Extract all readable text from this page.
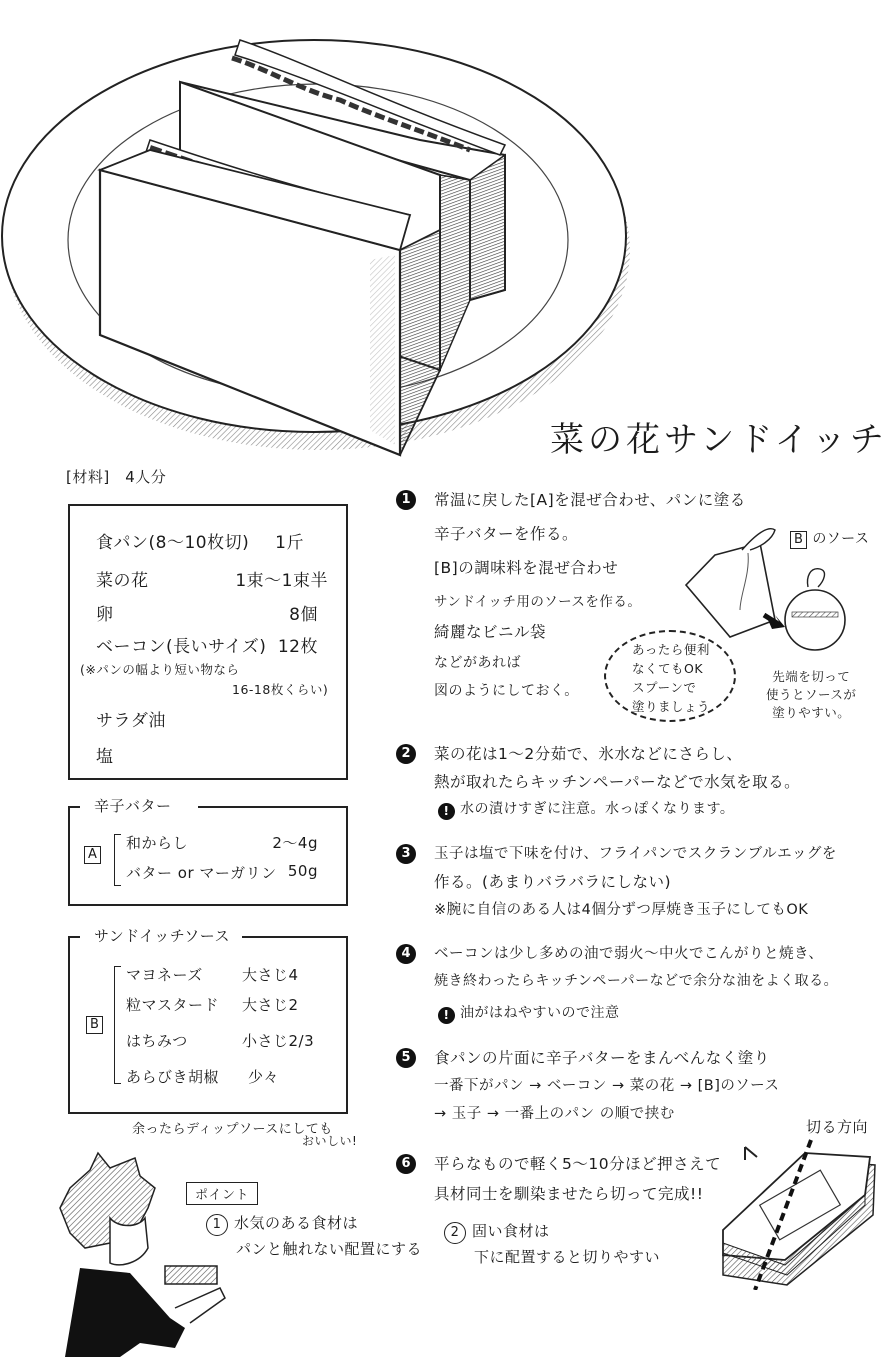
菜の花サンドイッチ
[材料]　4人分
食パン(8〜10枚切) 1斤
菜の花	1束〜1束半
卵	8個
ベーコン(長いサイズ) 12枚
(※パンの幅より短い物なら
16-18枚くらい)
サラダ油
塩
辛子バター
A
和からし	2〜4g
バター or マーガリン 50g
サンドイッチソース
B
マヨネーズ	大さじ4
粒マスタード 大さじ2
はちみつ	小さじ2/3
あらびき胡椒 少々
余ったらディップソースにしても
おいしい!
1	常温に戻した[A]を混ぜ合わせ、パンに塗る
辛子バターを作る。
[B]の調味料を混ぜ合わせ
サンドイッチ用のソースを作る。
綺麗なビニル袋
などがあれば
図のようにしておく。
B のソース
先端を切って
使うとソースが
塗りやすい。
あったら便利
なくてもOK
スプーンで
塗りましょう
2	菜の花は1〜2分茹で、氷水などにさらし、
熱が取れたらキッチンペーパーなどで水気を取る。
! 水の漬けすぎに注意。水っぽくなります。
3	玉子は塩で下味を付け、フライパンでスクランブルエッグを
作る。(あまりバラバラにしない)
※腕に自信のある人は4個分ずつ厚焼き玉子にしてもOK
4	ベーコンは少し多めの油で弱火〜中火でこんがりと焼き、
焼き終わったらキッチンペーパーなどで余分な油をよく取る。
! 油がはねやすいので注意
5	食パンの片面に辛子バターをまんべんなく塗り
一番下がパン → ベーコン → 菜の花 → [B]のソース
→ 玉子 → 一番上のパン の順で挟む
6	平らなもので軽く5〜10分ほど押さえて
具材同士を馴染ませたら切って完成!!
切る方向
ポイント
1 水気のある食材は
パンと触れない配置にする
2 固い食材は
下に配置すると切りやすい
